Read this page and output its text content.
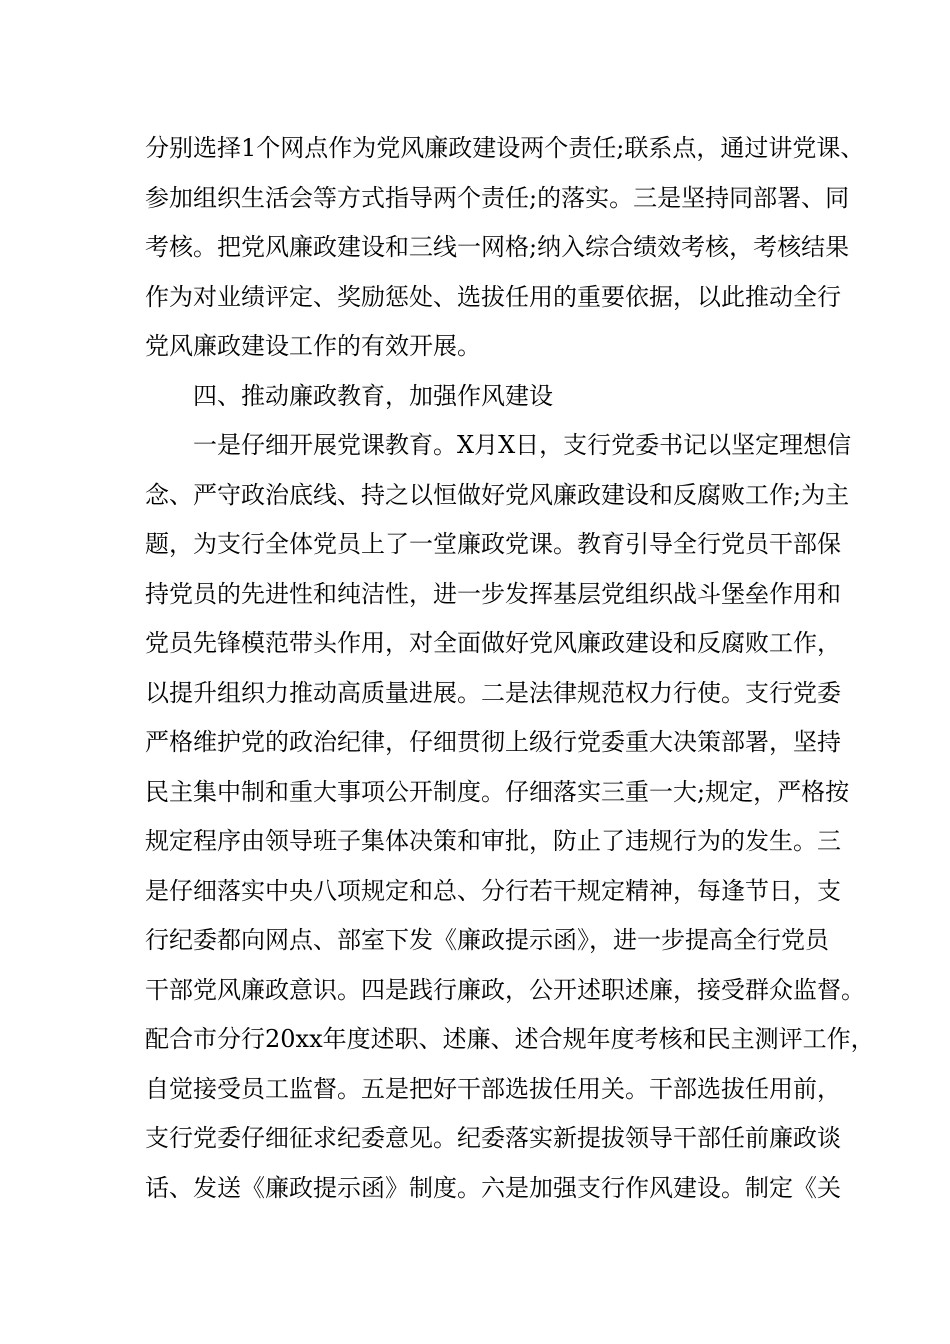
分别选择1个网点作为党风廉政建设两个责任;联系点，通过讲党课、
参加组织生活会等方式指导两个责任;的落实。三是坚持同部署、同
考核。把党风廉政建设和三线一网格;纳入综合绩效考核，考核结果
作为对业绩评定、奖励惩处、选拔任用的重要依据，以此推动全行
党风廉政建设工作的有效开展。
四、推动廉政教育，加强作风建设
一是仔细开展党课教育。X月X日，支行党委书记以坚定理想信
念、严守政治底线、持之以恒做好党风廉政建设和反腐败工作;为主
题，为支行全体党员上了一堂廉政党课。教育引导全行党员干部保
持党员的先进性和纯洁性，进一步发挥基层党组织战斗堡垒作用和
党员先锋模范带头作用，对全面做好党风廉政建设和反腐败工作，
以提升组织力推动高质量进展。二是法律规范权力行使。支行党委
严格维护党的政治纪律，仔细贯彻上级行党委重大决策部署，坚持
民主集中制和重大事项公开制度。仔细落实三重一大;规定，严格按
规定程序由领导班子集体决策和审批，防止了违规行为的发生。三
是仔细落实中央八项规定和总、分行若干规定精神，每逢节日，支
行纪委都向网点、部室下发《廉政提示函》，进一步提高全行党员
干部党风廉政意识。四是践行廉政，公开述职述廉，接受群众监督。
配合市分行20xx年度述职、述廉、述合规年度考核和民主测评工作，
自觉接受员工监督。五是把好干部选拔任用关。干部选拔任用前，
支行党委仔细征求纪委意见。纪委落实新提拔领导干部任前廉政谈
话、发送《廉政提示函》制度。六是加强支行作风建设。制定《关
